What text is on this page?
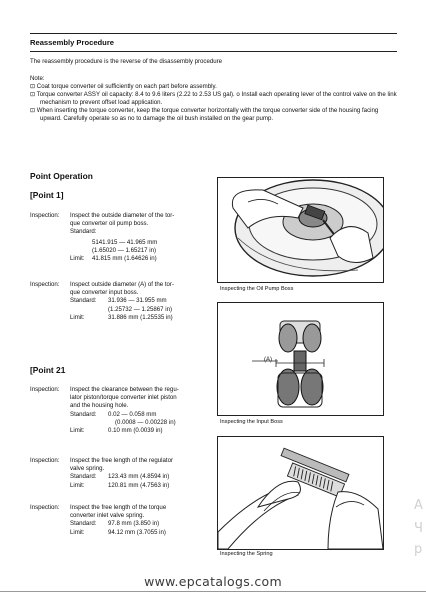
Reassembly Procedure
The reassembly procedure is the reverse of the disassembly procedure

Note:

⊡ Coat torque converter oil sufficiently on each part before assembly.

⊡ Torque converter ASSY oil capacity: 8.4 to 9.6 liters (2.22 to 2.53 US gal). o Install each operating lever of the control valve on the link mechanism to prevent offset load application.

⊡ When inserting the torque converter, keep the torque converter horizontally with the torque converter side of the housing facing upward. Carefully operate so as no to damage the oil bush installed on the gear pump.

Point Operation
[Point 1]
Inspection:	Inspect the outside diameter of the tor-
que converter oil pump boss.
Standard:
5141.915 — 41.965 mm
(1.65020 — 1.65217 in)
Limit:	41.815 mm (1.64626 in)
Inspection:	Inspect outside diameter (A) of the tor-
que converter input boss.
Standard:	31.936 — 31.955 mm
(1.25732 — 1.25867 in)
Limit:	31.886 mm (1.25535 in)
[Point 21
Inspection:	Inspect the clearance between the regu-
lator piston/torque converter inlet piston
and the housing hole.
Standard:	0.02 — 0.058 mm
(0.0008 — 0.00228 in)
Limit:	0.10 mm (0.0039 in)
Inspection:	Inspect the free length of the regulator
valve spring.
Standard:	123.43 mm (4.8594 in)
Limit:	120.81 mm (4.7563 in)
Inspection:	Inspect the free length of the torque
converter inlet valve spring.
Standard:	97.8 mm (3.850 in)
Limit:	94.12 mm (3.7055 in)
Inspecting the Oil Pump Boss
(A)
Inspecting the Input Boss
Inspecting the Spring
A
Ч
р
www.epcatalogs.com
